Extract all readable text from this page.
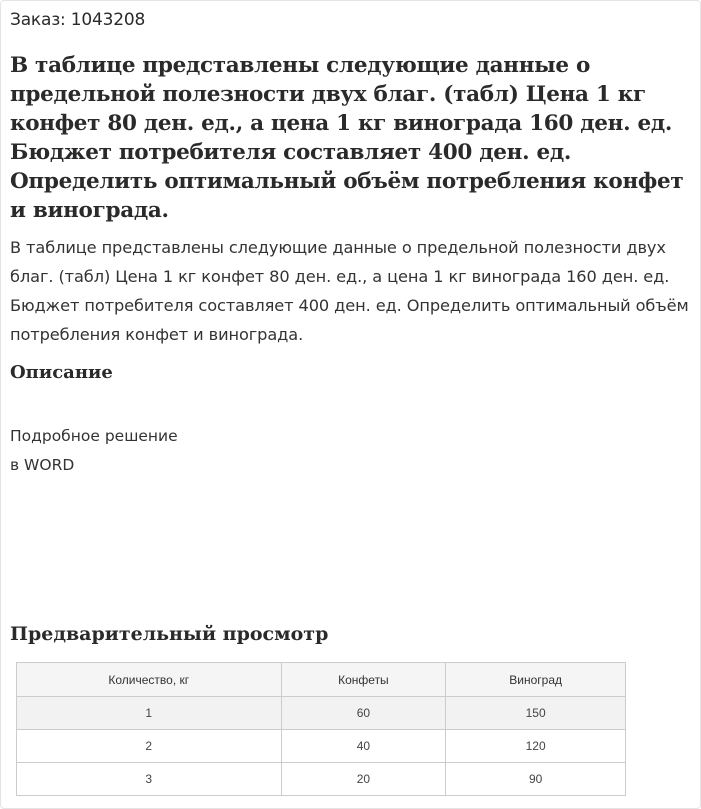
Заказ: 1043208
В таблице представлены следующие данные о предельной полезности двух благ. (табл) Цена 1 кг конфет 80 ден. ед., а цена 1 кг винограда 160 ден. ед. Бюджет потребителя составляет 400 ден. ед. Определить оптимальный объём потребления конфет и винограда.

В таблице представлены следующие данные о предельной полезности двух благ. (табл) Цена 1 кг конфет 80 ден. ед., а цена 1 кг винограда 160 ден. ед. Бюджет потребителя составляет 400 ден. ед. Определить оптимальный объём потребления конфет и винограда.

Описание
Подробное решение
в WORD
Предварительный просмотр
Количество, кг	Конфеты	Виноград
1	60	150
2	40	120
3	20	90
